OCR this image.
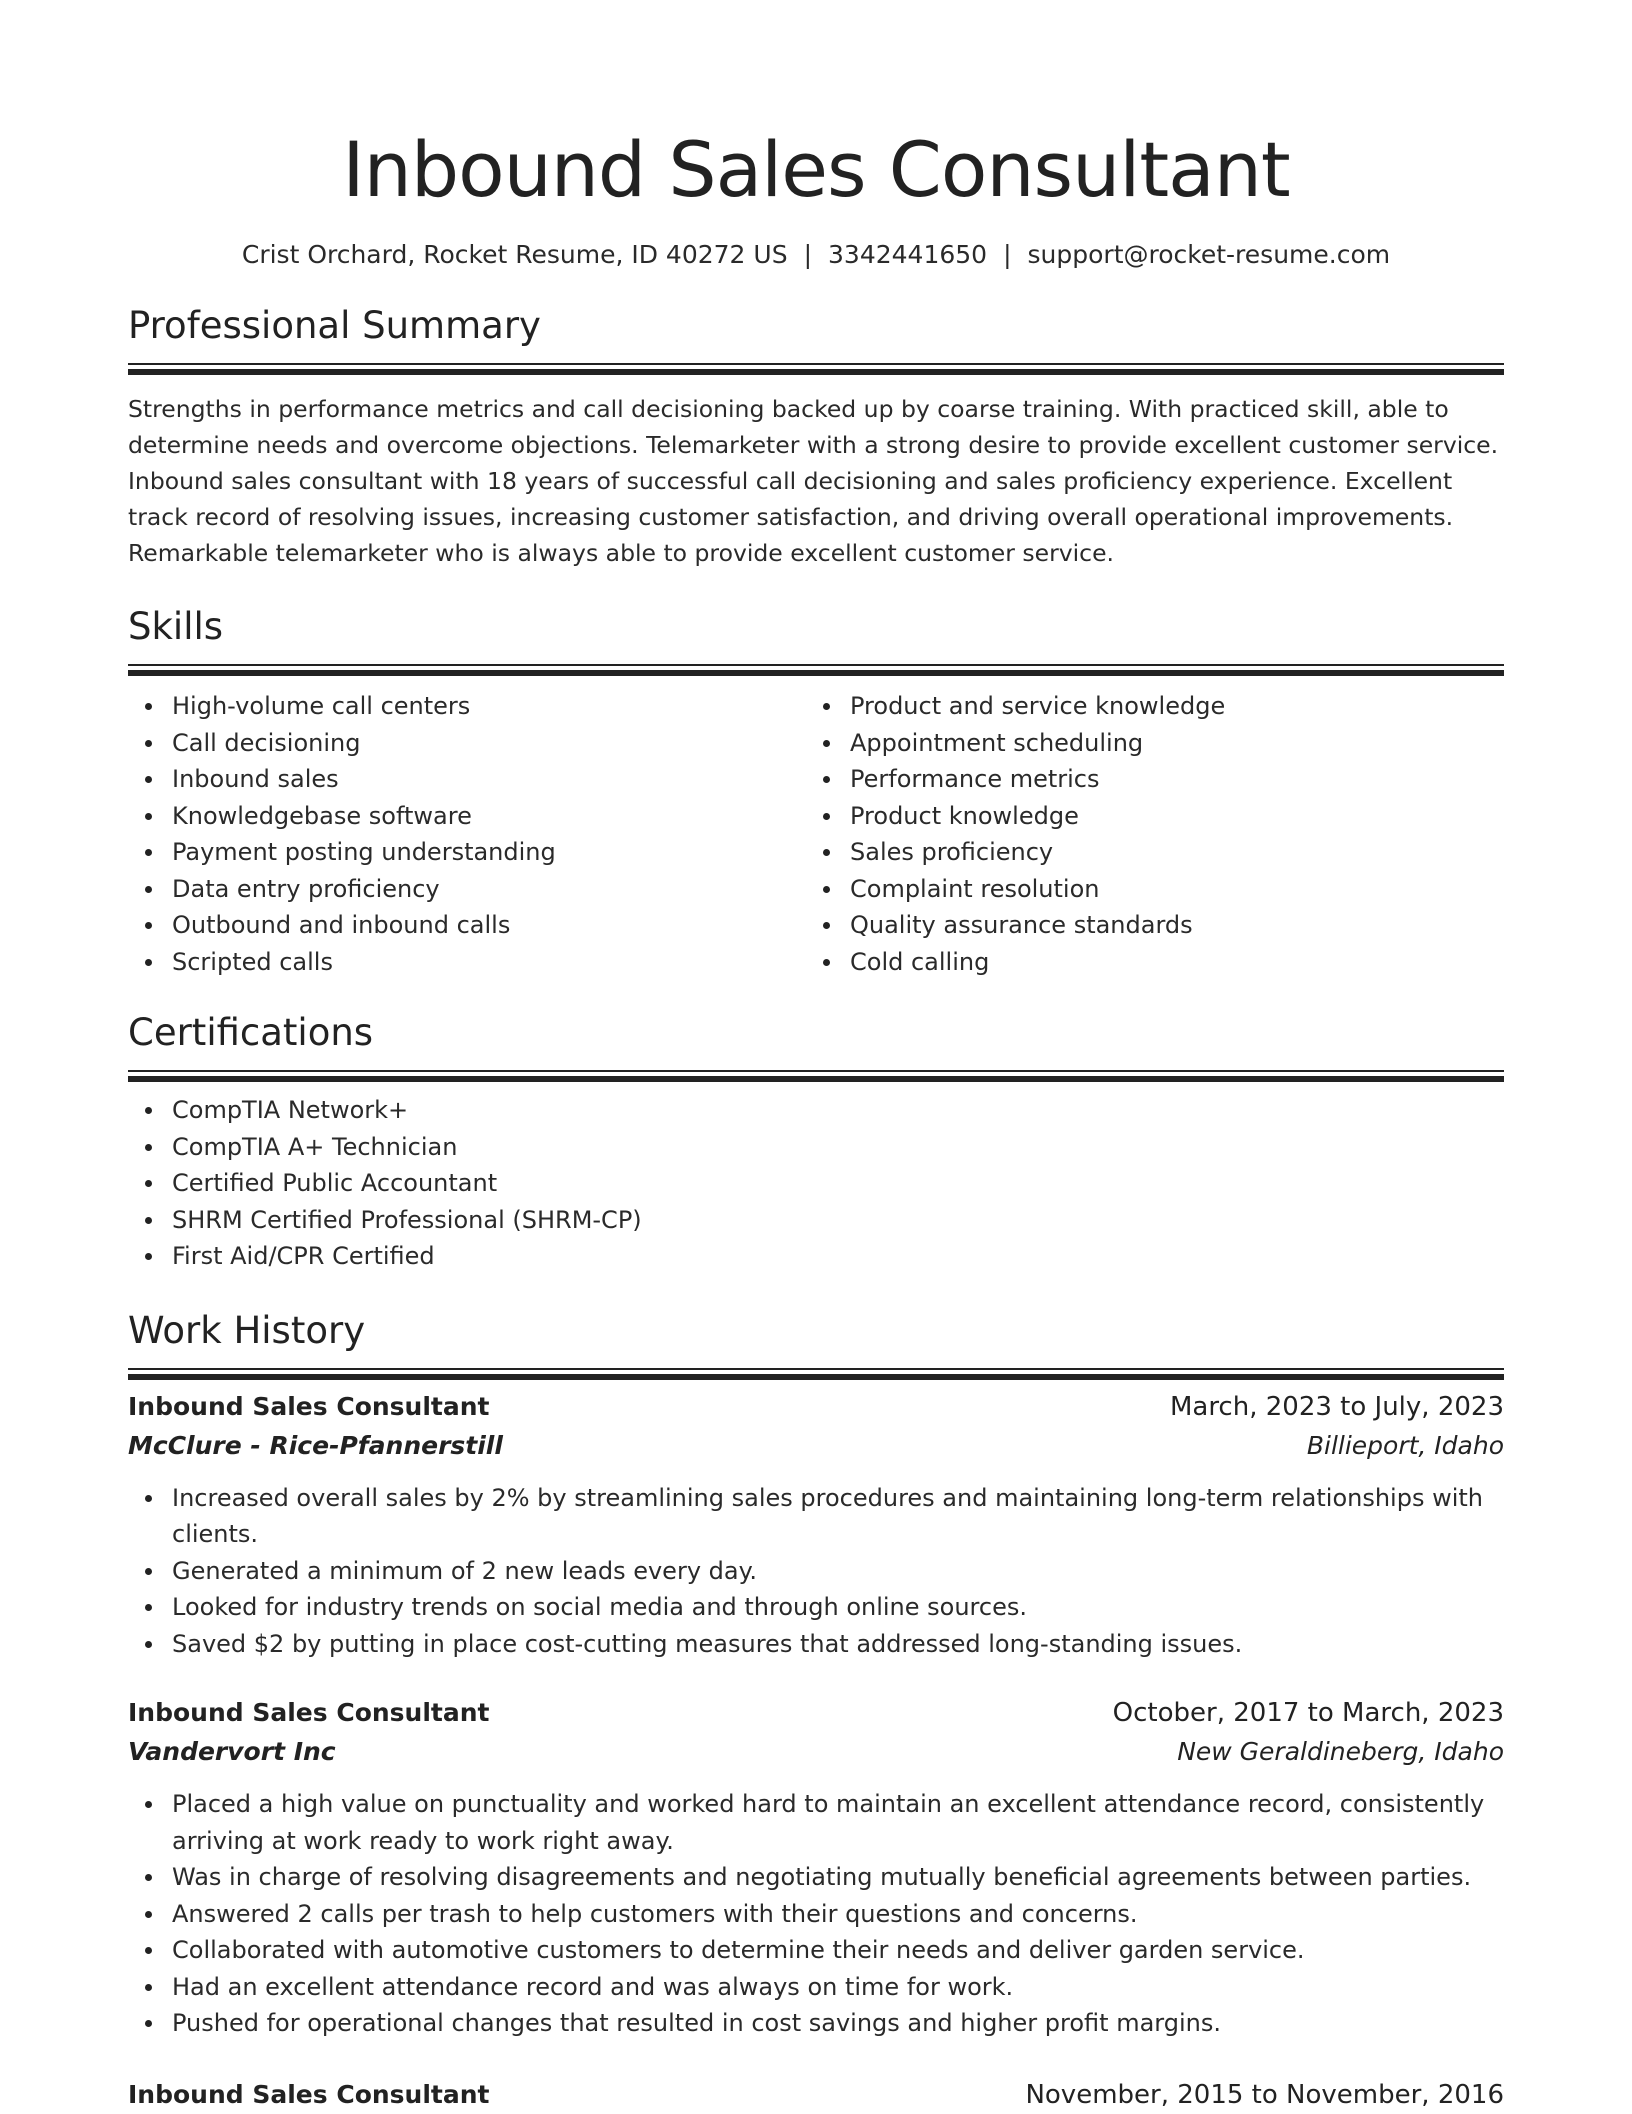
Inbound Sales Consultant
Crist Orchard, Rocket Resume, ID 40272 US | 3342441650 | support@rocket-resume.com
Professional Summary
Strengths in performance metrics and call decisioning backed up by coarse training. With practiced skill, able to determine needs and overcome objections. Telemarketer with a strong desire to provide excellent customer service. Inbound sales consultant with 18 years of successful call decisioning and sales proficiency experience. Excellent track record of resolving issues, increasing customer satisfaction, and driving overall operational improvements. Remarkable telemarketer who is always able to provide excellent customer service.
Skills
High-volume call centers
Call decisioning
Inbound sales
Knowledgebase software
Payment posting understanding
Data entry proficiency
Outbound and inbound calls
Scripted calls
Product and service knowledge
Appointment scheduling
Performance metrics
Product knowledge
Sales proficiency
Complaint resolution
Quality assurance standards
Cold calling
Certifications
CompTIA Network+
CompTIA A+ Technician
Certified Public Accountant
SHRM Certified Professional (SHRM-CP)
First Aid/CPR Certified
Work History
Inbound Sales Consultant	March, 2023 to July, 2023
McClure - Rice-Pfannerstill	Billieport, Idaho
Increased overall sales by 2% by streamlining sales procedures and maintaining long-term relationships with clients.
Generated a minimum of 2 new leads every day.
Looked for industry trends on social media and through online sources.
Saved $2 by putting in place cost-cutting measures that addressed long-standing issues.
Inbound Sales Consultant	October, 2017 to March, 2023
Vandervort Inc	New Geraldineberg, Idaho
Placed a high value on punctuality and worked hard to maintain an excellent attendance record, consistently arriving at work ready to work right away.
Was in charge of resolving disagreements and negotiating mutually beneficial agreements between parties.
Answered 2 calls per trash to help customers with their questions and concerns.
Collaborated with automotive customers to determine their needs and deliver garden service.
Had an excellent attendance record and was always on time for work.
Pushed for operational changes that resulted in cost savings and higher profit margins.
Inbound Sales Consultant	November, 2015 to November, 2016
